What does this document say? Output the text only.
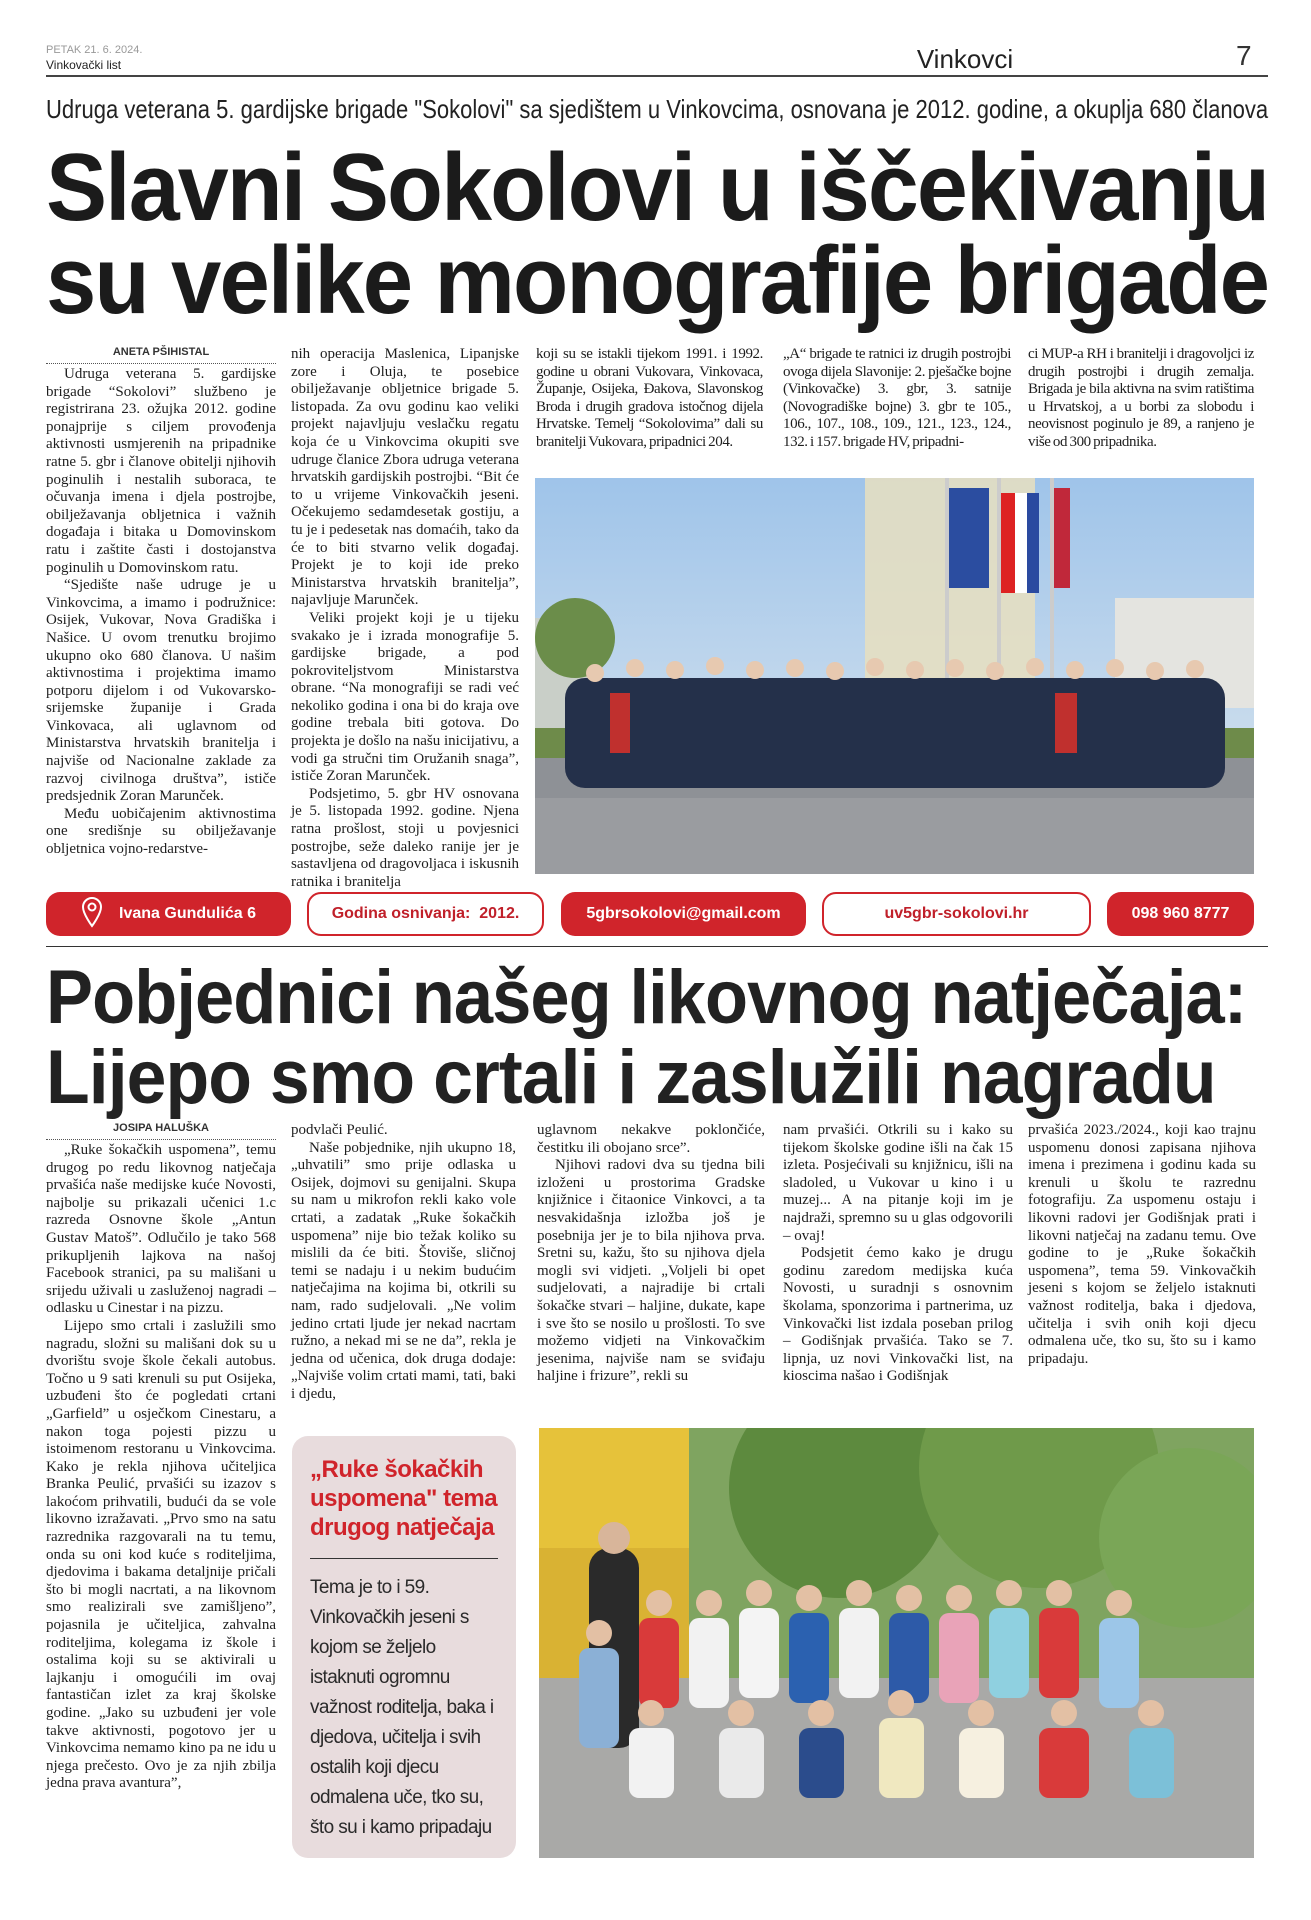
PETAK 21. 6. 2024.
Vinkovački list	Vinkovci	7
Udruga veterana 5. gardijske brigade "Sokolovi" sa sjedištem u Vinkovcima, osnovana je 2012. godine, a okuplja 680 članova
Slavni Sokolovi u iščekivanju
su velike monografije brigade
ANETA PŠIHISTAL

Udruga veterana 5. gardijske brigade “Sokolovi” službeno je registrirana 23. ožujka 2012. godine ponajprije s ciljem provođenja aktivnosti usmjerenih na pripadnike ratne 5. gbr i članove obitelji njihovih poginulih i nestalih suboraca, te očuvanja imena i djela postrojbe, obilježavanja obljetnica i važnih događaja i bitaka u Domovinskom ratu i zaštite časti i dostojanstva poginulih u Domovinskom ratu.

“Sjedište naše udruge je u Vinkovcima, a imamo i podružnice: Osijek, Vukovar, Nova Gradiška i Našice. U ovom trenutku brojimo ukupno oko 680 članova. U našim aktivnostima i projektima imamo potporu dijelom i od Vukovarsko-srijemske županije i Grada Vinkovaca, ali uglavnom od Ministarstva hrvatskih branitelja i najviše od Nacionalne zaklade za razvoj civilnoga društva”, ističe predsjednik Zoran Marunček.

Među uobičajenim aktivnostima one središnje su obilježavanje obljetnica vojno-redarstve-

nih operacija Maslenica, Lipanjske zore i Oluja, te posebice obilježavanje obljetnice brigade 5. listopada. Za ovu godinu kao veliki projekt najavljuju veslačku regatu koja će u Vinkovcima okupiti sve udruge članice Zbora udruga veterana hrvatskih gardijskih postrojbi. “Bit će to u vrijeme Vinkovačkih jeseni. Očekujemo sedamdesetak gostiju, a tu je i pedesetak nas domaćih, tako da će to biti stvarno velik događaj. Projekt je to koji ide preko Ministarstva hrvatskih branitelja”, najavljuje Marunček.

Veliki projekt koji je u tijeku svakako je i izrada monografije 5. gardijske brigade, a pod pokroviteljstvom Ministarstva obrane. “Na monografiji se radi već nekoliko godina i ona bi do kraja ove godine trebala biti gotova. Do projekta je došlo na našu inicijativu, a vodi ga stručni tim Oružanih snaga”, ističe Zoran Marunček.

Podsjetimo, 5. gbr HV osnovana je 5. listopada 1992. godine. Njena ratna prošlost, stoji u povjesnici postrojbe, seže daleko ranije jer je sastavljena od dragovoljaca i iskusnih ratnika i branitelja

koji su se istakli tijekom 1991. i 1992. godine u obrani Vukovara, Vinkovaca, Županje, Osijeka, Đakova, Slavonskog Broda i drugih gradova istočnog dijela Hrvatske. Temelj “Sokolovima” dali su branitelji Vukovara, pripadnici 204.

„A“ brigade te ratnici iz drugih postrojbi ovoga dijela Slavonije: 2. pješačke bojne (Vinkovačke) 3. gbr, 3. satnije (Novogradiške bojne) 3. gbr te 105., 106., 107., 108., 109., 121., 123., 124., 132. i 157. brigade HV, pripadni-

ci MUP-a RH i branitelji i dragovoljci iz drugih postrojbi i drugih zemalja. Brigada je bila aktivna na svim ratištima u Hrvatskoj, a u borbi za slobodu i neovisnost poginulo je 89, a ranjeno je više od 300 pripadnika.

Ivana Gundulića 6	Godina osnivanja:  2012.	5gbrsokolovi@gmail.com	uv5gbr-sokolovi.hr	098 960 8777
Pobjednici našeg likovnog natječaja:
Lijepo smo crtali i zaslužili nagradu
JOSIPA HALUŠKA

„Ruke šokačkih uspomena”, temu drugog po redu likovnog natječaja prvašića naše medijske kuće Novosti, najbolje su prikazali učenici 1.c razreda Osnovne škole „Antun Gustav Matoš”. Odlučilo je tako 568 prikupljenih lajkova na našoj Facebook stranici, pa su mališani u srijedu uživali u zasluženoj nagradi – odlasku u Cinestar i na pizzu.

Lijepo smo crtali i zaslužili smo nagradu, složni su mališani dok su u dvorištu svoje škole čekali autobus. Točno u 9 sati krenuli su put Osijeka, uzbuđeni što će pogledati crtani „Garfield” u osječkom Cinestaru, a nakon toga pojesti pizzu u istoimenom restoranu u Vinkovcima. Kako je rekla njihova učiteljica Branka Peulić, prvašići su izazov s lakoćom prihvatili, budući da se vole likovno izražavati. „Prvo smo na satu razrednika razgovarali na tu temu, onda su oni kod kuće s roditeljima, djedovima i bakama detaljnije pričali što bi mogli nacrtati, a na likovnom smo realizirali sve zamišljeno”, pojasnila je učiteljica, zahvalna roditeljima, kolegama iz škole i ostalima koji su se aktivirali u lajkanju i omogućili im ovaj fantastičan izlet za kraj školske godine. „Jako su uzbuđeni jer vole takve aktivnosti, pogotovo jer u Vinkovcima nemamo kino pa ne idu u njega prečesto. Ovo je za njih zbilja jedna prava avantura”,

podvlači Peulić.

Naše pobjednike, njih ukupno 18, „uhvatili” smo prije odlaska u Osijek, dojmovi su genijalni. Skupa su nam u mikrofon rekli kako vole crtati, a zadatak „Ruke šokačkih uspomena” nije bio težak koliko su mislili da će biti. Štoviše, sličnoj temi se nadaju i u nekim budućim natječajima na kojima bi, otkrili su nam, rado sudjelovali. „Ne volim jedino crtati ljude jer nekad nacrtam ružno, a nekad mi se ne da”, rekla je jedna od učenica, dok druga dodaje: „Najviše volim crtati mami, tati, baki i djedu,

uglavnom nekakve poklončiće, čestitku ili obojano srce”.

Njihovi radovi dva su tjedna bili izloženi u prostorima Gradske knjižnice i čitaonice Vinkovci, a ta nesvakidašnja izložba još je posebnija jer je to bila njihova prva. Sretni su, kažu, što su njihova djela mogli svi vidjeti. „Voljeli bi opet sudjelovati, a najradije bi crtali šokačke stvari – haljine, dukate, kape i sve što se nosilo u prošlosti. To sve možemo vidjeti na Vinkovačkim jesenima, najviše nam se sviđaju haljine i frizure”, rekli su

nam prvašići. Otkrili su i kako su tijekom školske godine išli na čak 15 izleta. Posjećivali su knjižnicu, išli na sladoled, u Vukovar u kino i u muzej... A na pitanje koji im je najdraži, spremno su u glas odgovorili – ovaj!

Podsjetit ćemo kako je drugu godinu zaredom medijska kuća Novosti, u suradnji s osnovnim školama, sponzorima i partnerima, uz Vinkovački list izdala poseban prilog – Godišnjak prvašića. Tako se 7. lipnja, uz novi Vinkovački list, na kioscima našao i Godišnjak

prvašića 2023./2024., koji kao trajnu uspomenu donosi zapisana njihova imena i prezimena i godinu kada su krenuli u školu te razrednu fotografiju. Za uspomenu ostaju i likovni radovi jer Godišnjak prati i likovni natječaj na zadanu temu. Ove godine to je „Ruke šokačkih uspomena”, tema 59. Vinkovačkih jeseni s kojom se željelo istaknuti važnost roditelja, baka i djedova, učitelja i svih onih koji djecu odmalena uče, tko su, što su i kamo pripadaju.

„Ruke šokačkih uspomena" tema drugog natječaja
Tema je to i 59. Vinkovačkih jeseni s kojom se željelo istaknuti ogromnu važnost roditelja, baka i djedova, učitelja i svih ostalih koji djecu odmalena uče, tko su, što su i kamo pripadaju
